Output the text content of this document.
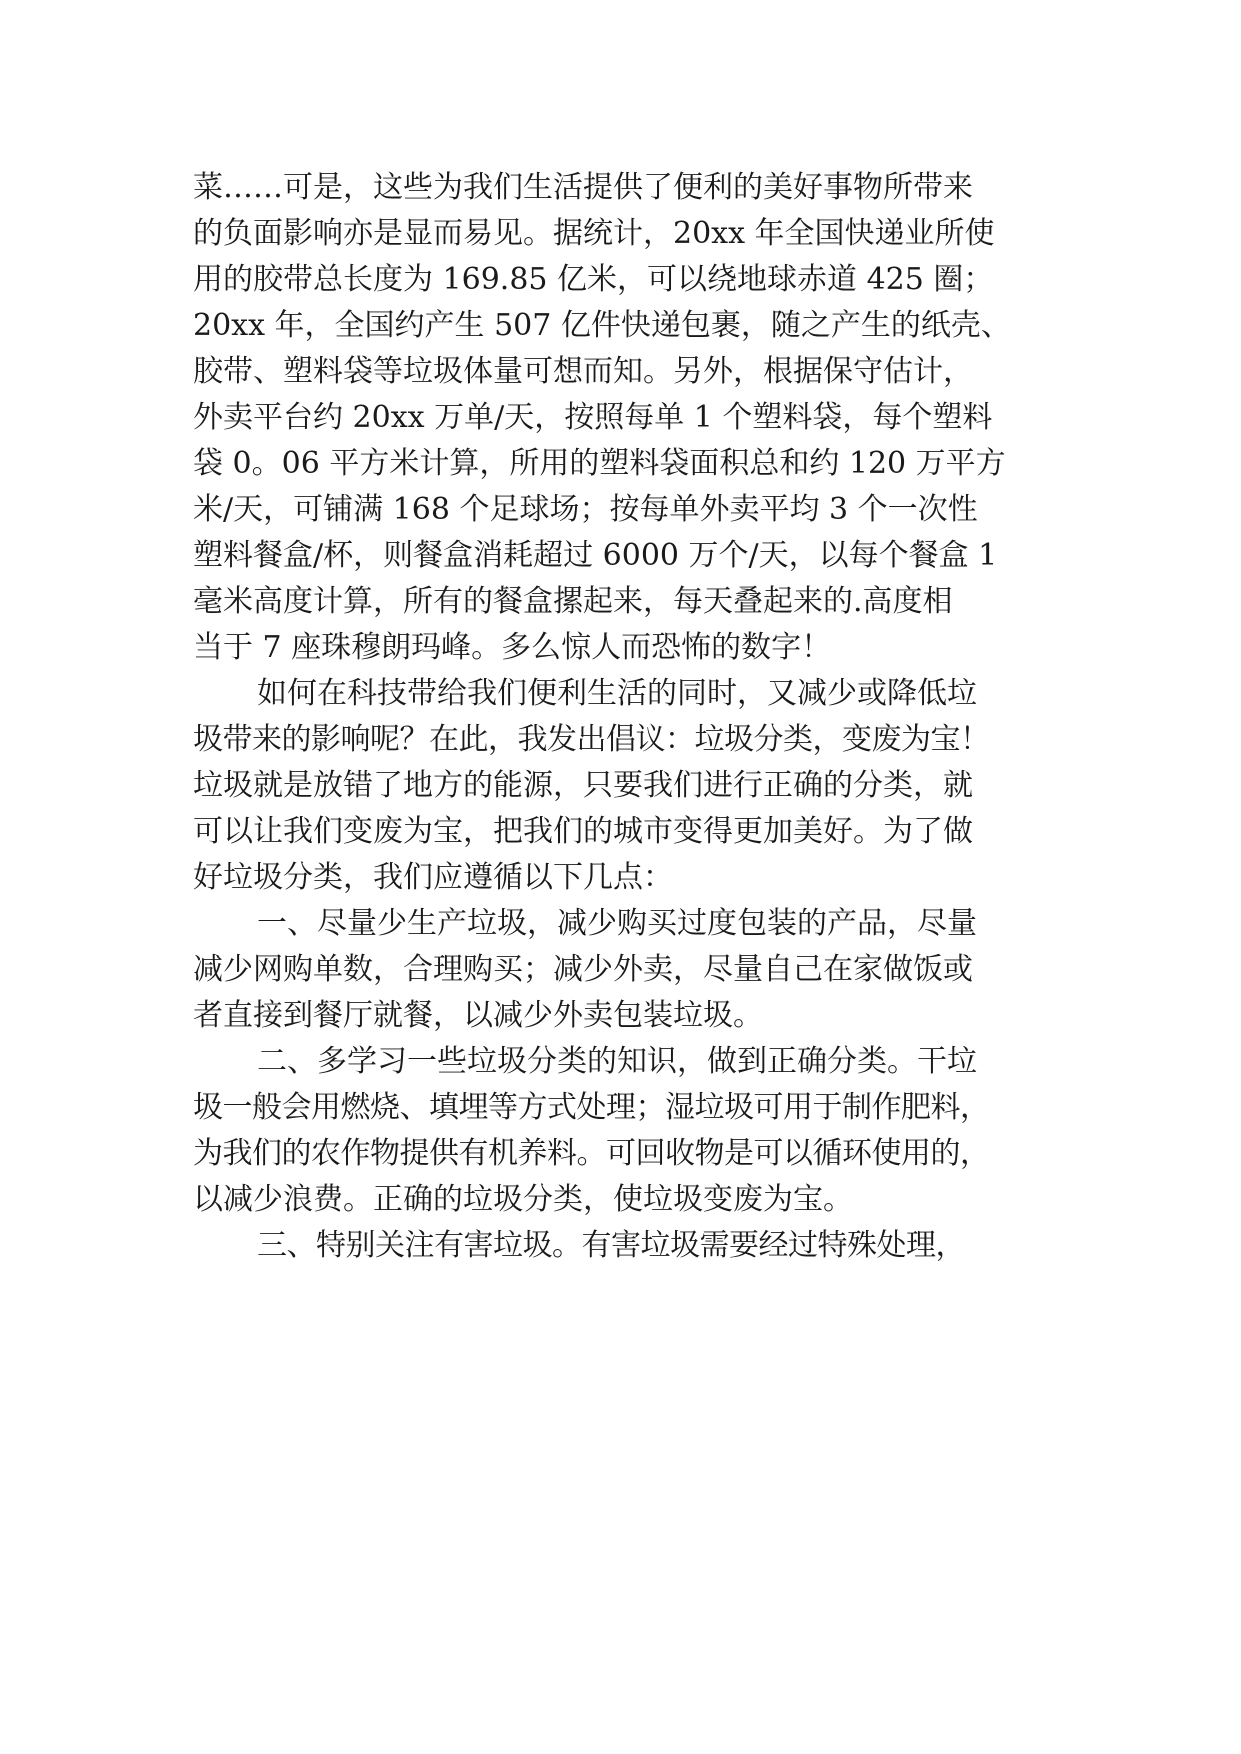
菜……可是，这些为我们生活提供了便利的美好事物所带来

的负面影响亦是显而易见。据统计，20xx 年全国快递业所使

用的胶带总长度为 169.85 亿米，可以绕地球赤道 425 圈；

20xx 年，全国约产生 507 亿件快递包裹，随之产生的纸壳、

胶带、塑料袋等垃圾体量可想而知。另外，根据保守估计，

外卖平台约 20xx 万单/天，按照每单 1 个塑料袋，每个塑料

袋 0。06 平方米计算，所用的塑料袋面积总和约 120 万平方

米/天，可铺满 168 个足球场；按每单外卖平均 3 个一次性

塑料餐盒/杯，则餐盒消耗超过 6000 万个/天，以每个餐盒 1

毫米高度计算，所有的餐盒摞起来，每天叠起来的.高度相

当于 7 座珠穆朗玛峰。多么惊人而恐怖的数字！

如何在科技带给我们便利生活的同时，又减少或降低垃

圾带来的影响呢？在此，我发出倡议：垃圾分类，变废为宝！

垃圾就是放错了地方的能源，只要我们进行正确的分类，就

可以让我们变废为宝，把我们的城市变得更加美好。为了做

好垃圾分类，我们应遵循以下几点：

一、尽量少生产垃圾，减少购买过度包装的产品，尽量

减少网购单数，合理购买；减少外卖，尽量自己在家做饭或

者直接到餐厅就餐，以减少外卖包装垃圾。

二、多学习一些垃圾分类的知识，做到正确分类。干垃

圾一般会用燃烧、填埋等方式处理；湿垃圾可用于制作肥料，

为我们的农作物提供有机养料。可回收物是可以循环使用的，

以减少浪费。正确的垃圾分类，使垃圾变废为宝。

三、特别关注有害垃圾。有害垃圾需要经过特殊处理，
